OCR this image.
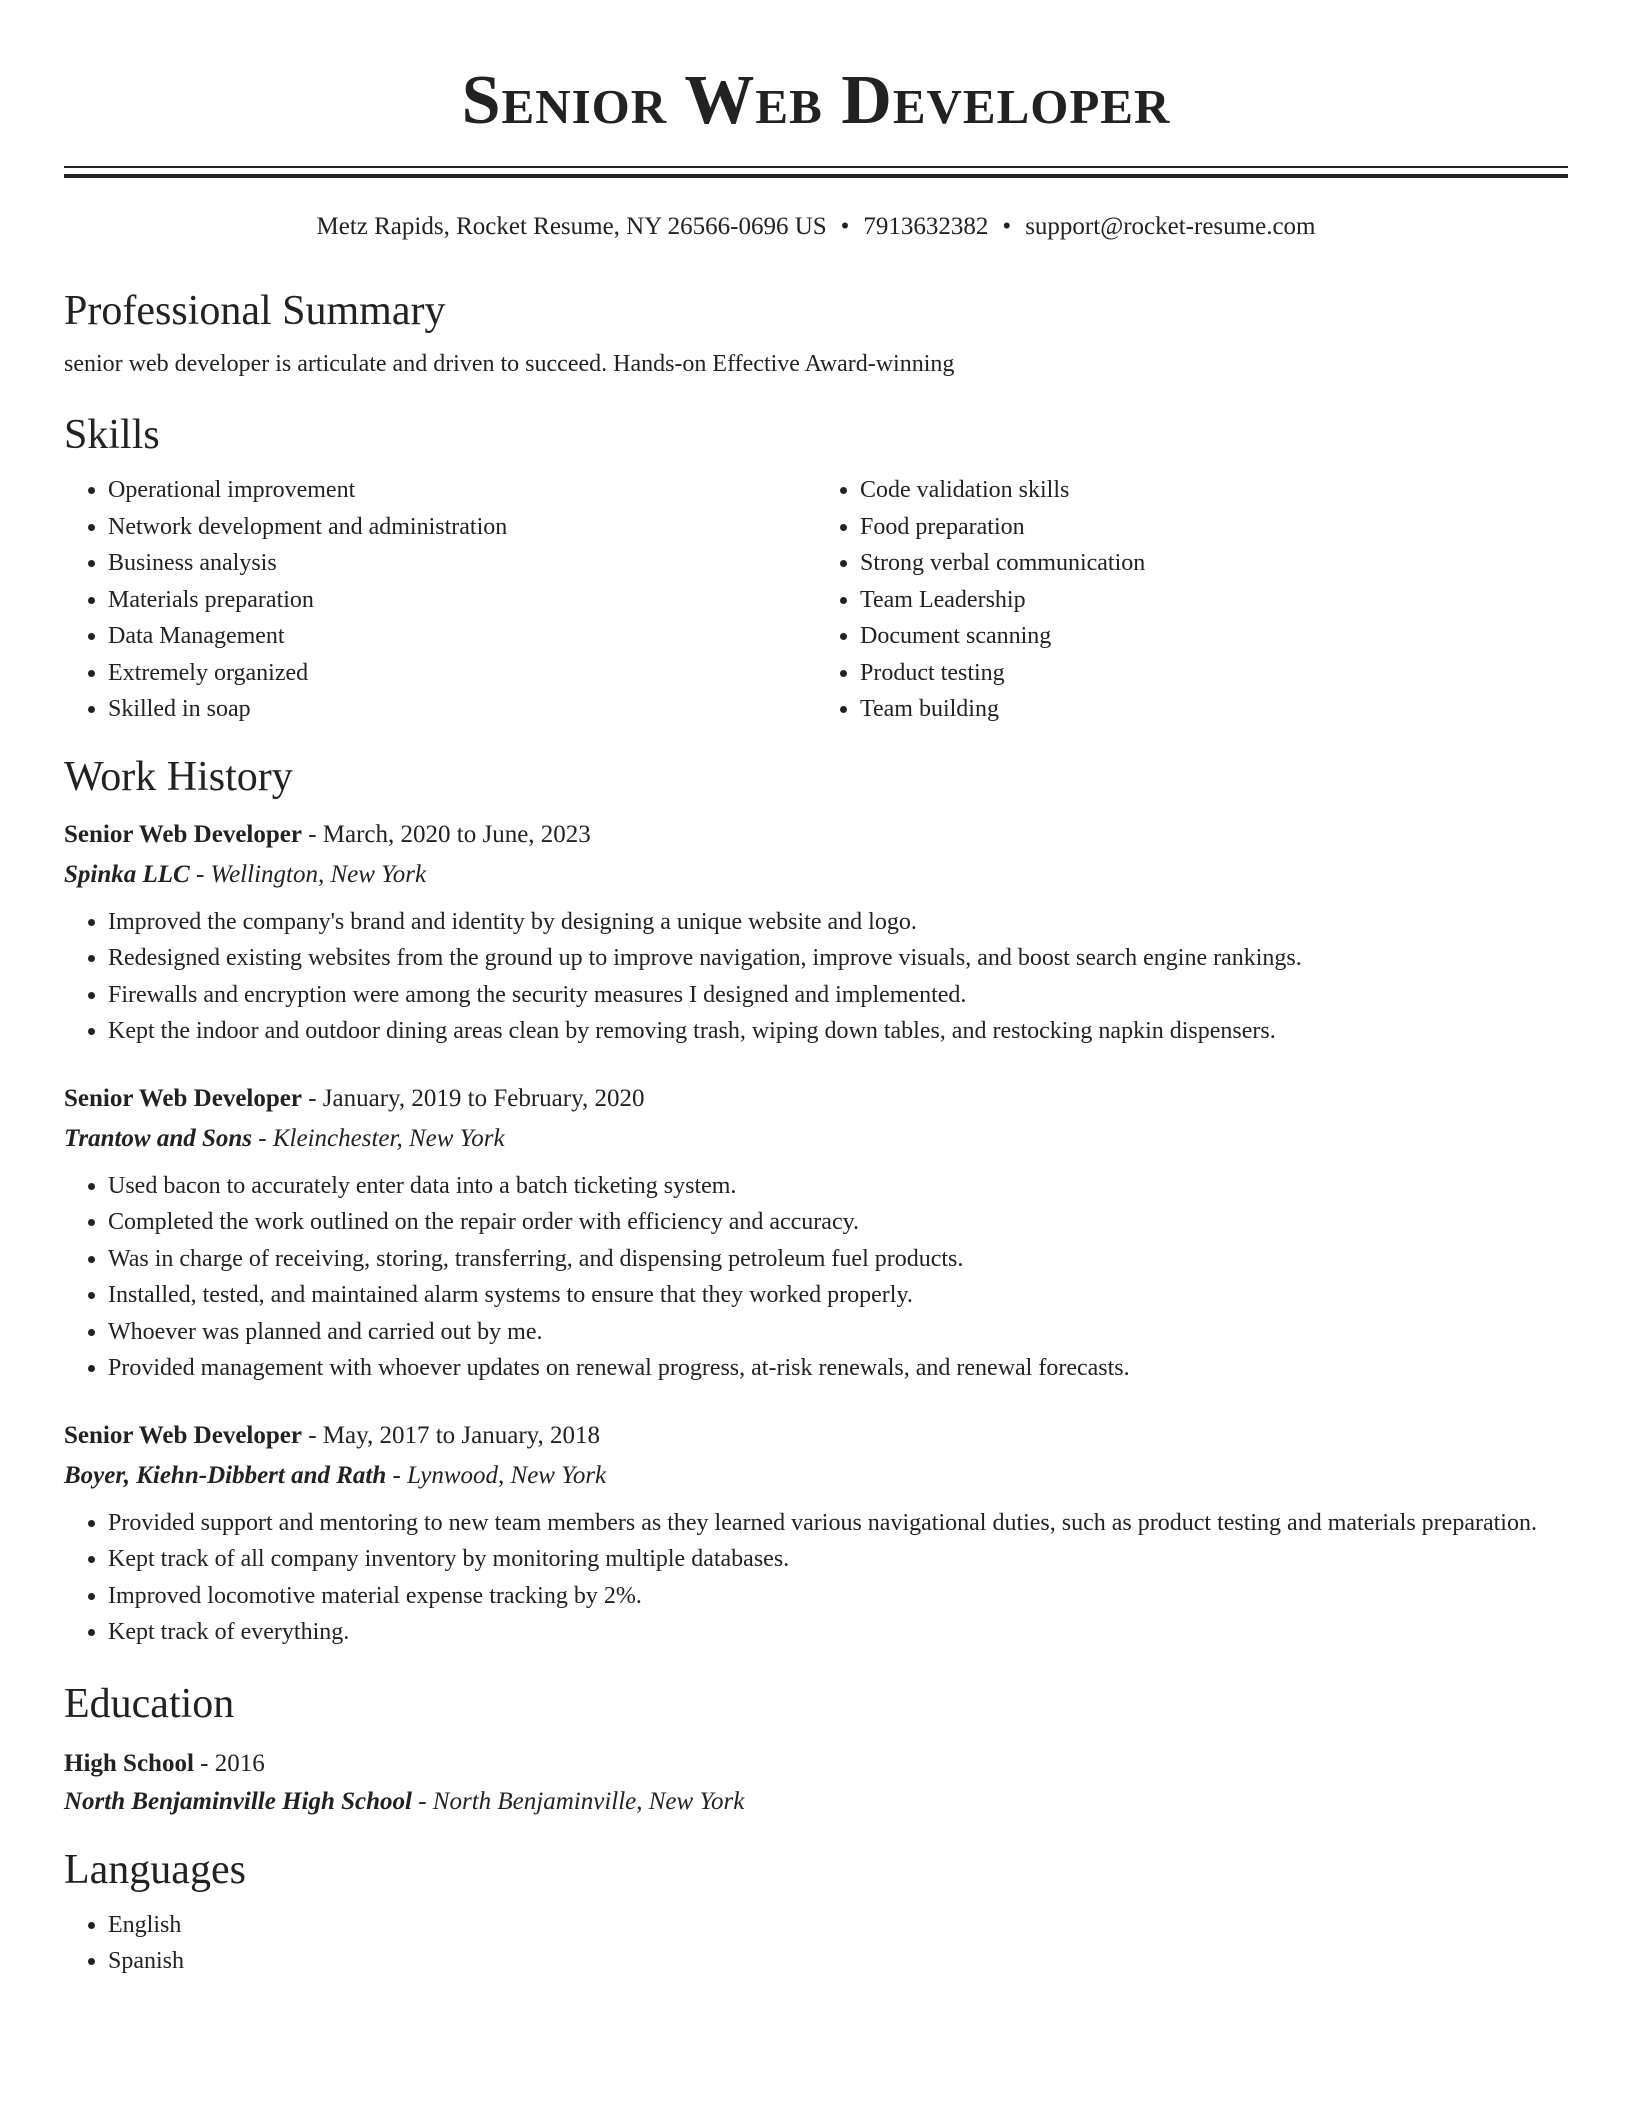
Senior Web Developer
Metz Rapids, Rocket Resume, NY 26566-0696 US • 7913632382 • support@rocket-resume.com
Professional Summary
senior web developer is articulate and driven to succeed. Hands-on Effective Award-winning
Skills
• Operational improvement
• Network development and administration
• Business analysis
• Materials preparation
• Data Management
• Extremely organized
• Skilled in soap
• Code validation skills
• Food preparation
• Strong verbal communication
• Team Leadership
• Document scanning
• Product testing
• Team building
Work History
Senior Web Developer - March, 2020 to June, 2023
Spinka LLC - Wellington, New York
• Improved the company's brand and identity by designing a unique website and logo.
• Redesigned existing websites from the ground up to improve navigation, improve visuals, and boost search engine rankings.
• Firewalls and encryption were among the security measures I designed and implemented.
• Kept the indoor and outdoor dining areas clean by removing trash, wiping down tables, and restocking napkin dispensers.
Senior Web Developer - January, 2019 to February, 2020
Trantow and Sons - Kleinchester, New York
• Used bacon to accurately enter data into a batch ticketing system.
• Completed the work outlined on the repair order with efficiency and accuracy.
• Was in charge of receiving, storing, transferring, and dispensing petroleum fuel products.
• Installed, tested, and maintained alarm systems to ensure that they worked properly.
• Whoever was planned and carried out by me.
• Provided management with whoever updates on renewal progress, at-risk renewals, and renewal forecasts.
Senior Web Developer - May, 2017 to January, 2018
Boyer, Kiehn-Dibbert and Rath - Lynwood, New York
• Provided support and mentoring to new team members as they learned various navigational duties, such as product testing and materials preparation.
• Kept track of all company inventory by monitoring multiple databases.
• Improved locomotive material expense tracking by 2%.
• Kept track of everything.
Education
High School - 2016
North Benjaminville High School - North Benjaminville, New York
Languages
• English
• Spanish
